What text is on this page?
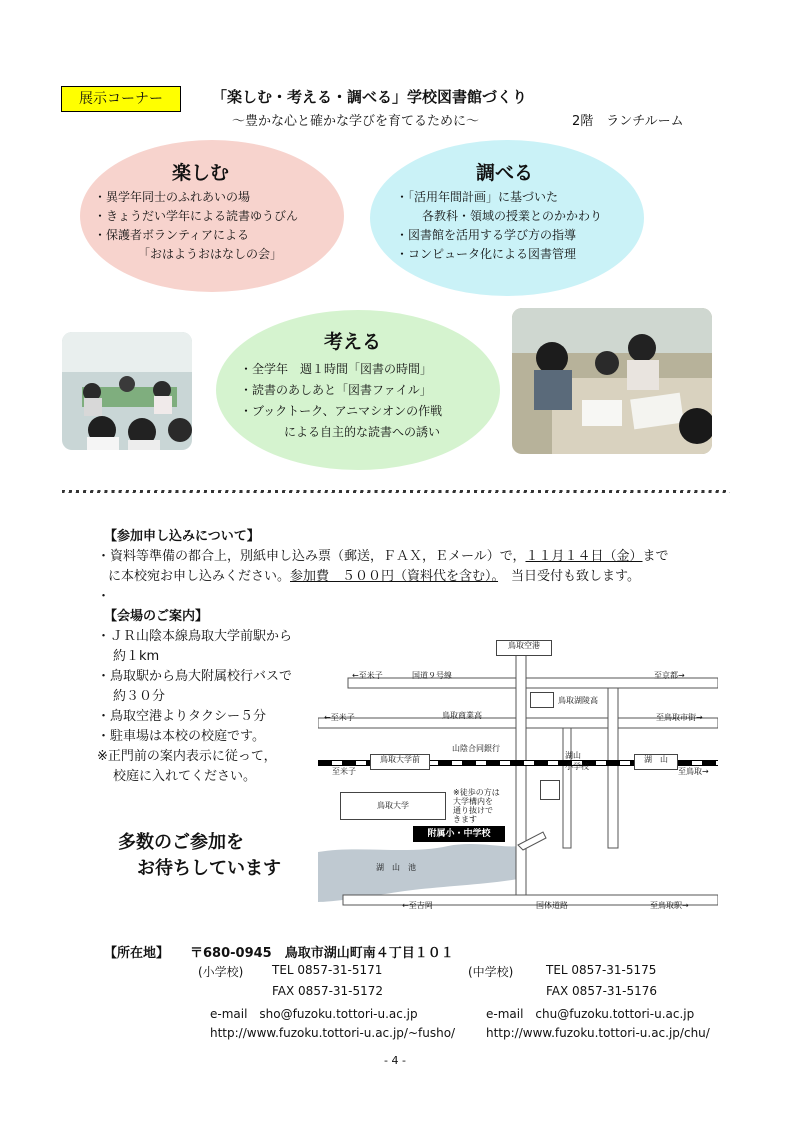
展示コーナー	「楽しむ・考える・調べる」学校図書館づくり
～豊かな心と確かな学びを育てるために～	2階　ランチルーム
楽しむ
・異学年同士のふれあいの場
・きょうだい学年による読書ゆうびん
・保護者ボランティアによる
「おはようおはなしの会」
調べる
・「活用年間計画」に基づいた
各教科・領域の授業とのかかわり
・図書館を活用する学び方の指導
・コンピュータ化による図書管理
考える
・全学年　週１時間「図書の時間」
・読書のあしあと「図書ファイル」
・ブックトーク、アニマシオンの作戦
による自主的な読書への誘い
【参加申し込みについて】
・資料等準備の都合上，別紙申し込み票（郵送，ＦＡＸ，Ｅメール）で，１１月１４日（金）まで
に本校宛お申し込みください。参加費　５００円（資料代を含む）。　 当日受付も致します。
・
【会場のご案内】
・ＪＲ山陰本線鳥取大学前駅から
約１km
・鳥取駅から鳥大附属校行バスで
約３０分
・鳥取空港よりタクシー５分
・駐車場は本校の校庭です。
※正門前の案内表示に従って，
校庭に入れてください。
多数のご参加を
お待ちしています
鳥取空港
←至米子	国道９号線	至京都→
鳥取湖陵高
←至米子	鳥取商業高	至鳥取市街→
山陰合同銀行
鳥取大学前	湖　山
至米子	至鳥取→
湖山
小学校
鳥取大学
※徒歩の方は
大学構内を
通り抜けで
きます
附属小・中学校
湖　山　池
←至吉岡	国体道路	至鳥取駅→
【所在地】 〒680-0945　鳥取市湖山町南４丁目１０１
(小学校) TEL 0857-31-5171
FAX 0857-31-5172
e-mail　sho@fuzoku.tottori-u.ac.jp
http://www.fuzoku.tottori-u.ac.jp/~fusho/
(中学校)	TEL 0857-31-5175
FAX 0857-31-5176
e-mail　chu@fuzoku.tottori-u.ac.jp
http://www.fuzoku.tottori-u.ac.jp/chu/
- 4 -
